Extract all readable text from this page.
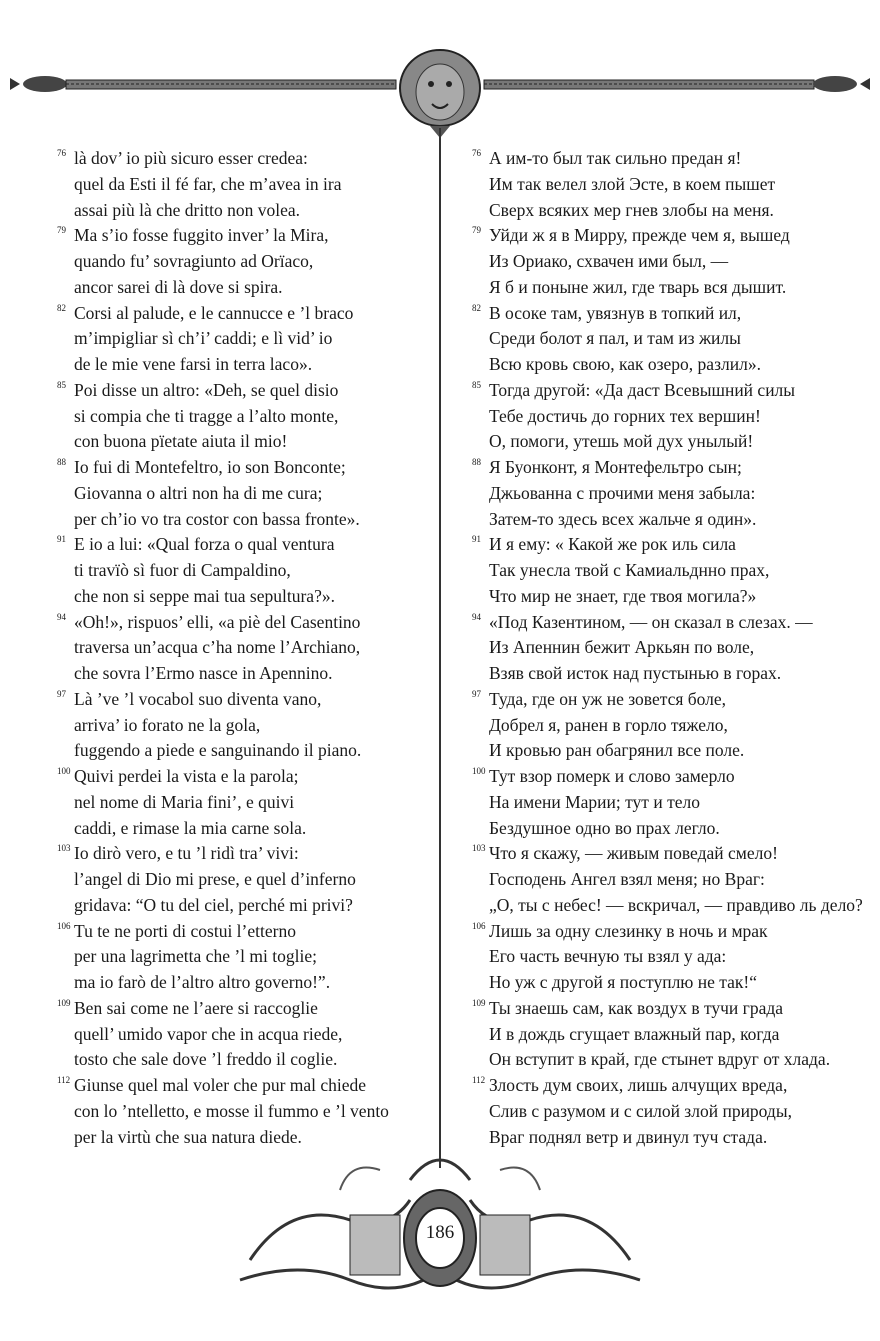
76 là dov’ io più sicuro esser credea:
quel da Esti il fé far, che m’avea in ira
assai più là che dritto non volea.
79 Ma s’io fosse fuggito inver’ la Mira,
quando fu’ sovragiunto ad Orïaco,
ancor sarei di là dove si spira.
82 Corsi al palude, e le cannucce e ’l braco
m’impigliar sì ch’i’ caddi; e lì vid’ io
de le mie vene farsi in terra laco».
85 Poi disse un altro: «Deh, se quel disio
si compia che ti tragge a l’alto monte,
con buona pïetate aiuta il mio!
88 Io fui di Montefeltro, io son Bonconte;
Giovanna o altri non ha di me cura;
per ch’io vo tra costor con bassa fronte».
91 E io a lui: «Qual forza o qual ventura
ti travïò sì fuor di Campaldino,
che non si seppe mai tua sepultura?».
94 «Oh!», rispuos’ elli, «a piè del Casentino
traversa un’acqua c’ha nome l’Archiano,
che sovra l’Ermo nasce in Apennino.
97 Là ’ve ’l vocabol suo diventa vano,
arriva’ io forato ne la gola,
fuggendo a piede e sanguinando il piano.
100 Quivi perdei la vista e la parola;
nel nome di Maria fini’, e quivi
caddi, e rimase la mia carne sola.
103 Io dirò vero, e tu ’l ridì tra’ vivi:
l’angel di Dio mi prese, e quel d’inferno
gridava: “O tu del ciel, perché mi privi?
106 Tu te ne porti di costui l’etterno
per una lagrimetta che ’l mi toglie;
ma io farò de l’altro altro governo!”.
109 Ben sai come ne l’aere si raccoglie
quell’ umido vapor che in acqua riede,
tosto che sale dove ’l freddo il coglie.
112 Giunse quel mal voler che pur mal chiede
con lo ’ntelletto, e mosse il fummo e ’l vento
per la virtù che sua natura diede.
76 А им-то был так сильно предан я!
Им так велел злой Эсте, в коем пышет
Сверх всяких мер гнев злобы на меня.
79 Уйди ж я в Мирру, прежде чем я, вышед
Из Ориако, схвачен ими был, —
Я б и поныне жил, где тварь вся дышит.
82 В осоке там, увязнув в топкий ил,
Среди болот я пал, и там из жилы
Всю кровь свою, как озеро, разлил».
85 Тогда другой: «Да даст Всевышний силы
Тебе достичь до горних тех вершин!
О, помоги, утешь мой дух унылый!
88 Я Буонконт, я Монтефельтро сын;
Джьованна с прочими меня забыла:
Затем-то здесь всех жальче я один».
91 И я ему: « Какой же рок иль сила
Так унесла твой с Камиальднно прах,
Что мир не знает, где твоя могила?»
94 «Под Казентином, — он сказал в слезах. —
Из Апеннин бежит Аркьян по воле,
Взяв свой исток над пустынью в горах.
97 Туда, где он уж не зовется боле,
Добрел я, ранен в горло тяжело,
И кровью ран обагрянил все поле.
100 Тут взор померк и слово замерло
На имени Марии; тут и тело
Бездушное одно во прах легло.
103 Что я скажу, — живым поведай смело!
Господень Ангел взял меня; но Враг:
„О, ты с небес! — вскричал, — правдиво ль дело?
106 Лишь за одну слезинку в ночь и мрак
Его часть вечную ты взял у ада:
Но уж с другой я поступлю не так!“
109 Ты знаешь сам, как воздух в тучи града
И в дождь сгущает влажный пар, когда
Он вступит в край, где стынет вдруг от хлада.
112 Злость дум своих, лишь алчущих вреда,
Слив с разумом и с силой злой природы,
Враг поднял ветр и двинул туч стада.
186
